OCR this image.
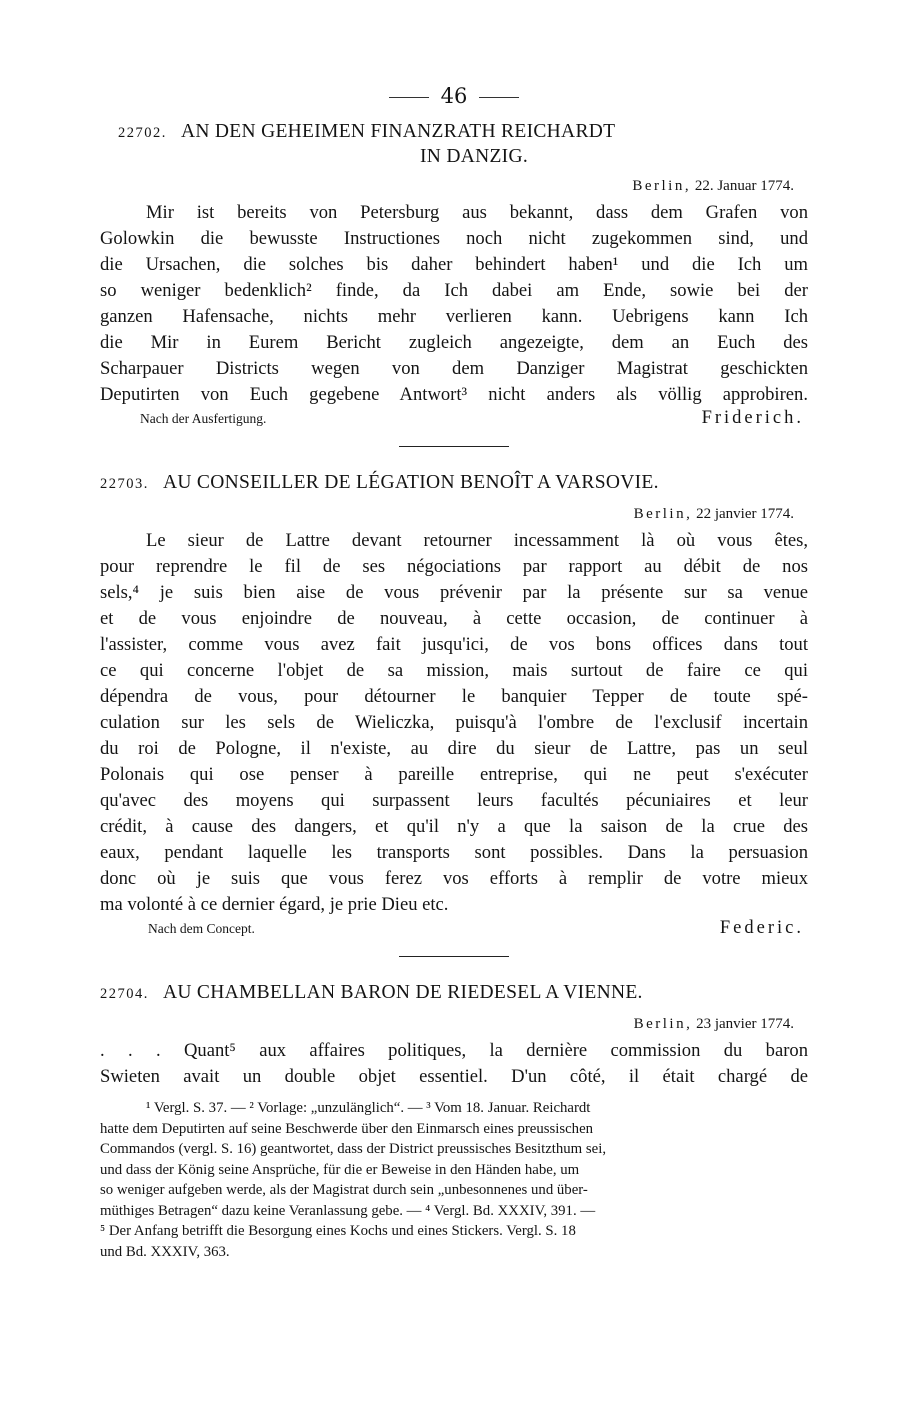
46
22702. AN DEN GEHEIMEN FINANZRATH REICHARDT
IN DANZIG.
Berlin, 22. Januar 1774.
Mir ist bereits von Petersburg aus bekannt, dass dem Grafen von
Golowkin die bewusste Instructiones noch nicht zugekommen sind, und
die Ursachen, die solches bis daher behindert haben¹ und die Ich um
so weniger bedenklich² finde, da Ich dabei am Ende, sowie bei der
ganzen Hafensache, nichts mehr verlieren kann. Uebrigens kann Ich
die Mir in Eurem Bericht zugleich angezeigte, dem an Euch des
Scharpauer Districts wegen von dem Danziger Magistrat geschickten
Deputirten von Euch gegebene Antwort³ nicht anders als völlig approbiren.
Nach der Ausfertigung.	Friderich.
22703. AU CONSEILLER DE LÉGATION BENOÎT A VARSOVIE.
Berlin, 22 janvier 1774.
Le sieur de Lattre devant retourner incessamment là où vous êtes,
pour reprendre le fil de ses négociations par rapport au débit de nos
sels,⁴ je suis bien aise de vous prévenir par la présente sur sa venue
et de vous enjoindre de nouveau, à cette occasion, de continuer à
l'assister, comme vous avez fait jusqu'ici, de vos bons offices dans tout
ce qui concerne l'objet de sa mission, mais surtout de faire ce qui
dépendra de vous, pour détourner le banquier Tepper de toute spé-
culation sur les sels de Wieliczka, puisqu'à l'ombre de l'exclusif incertain
du roi de Pologne, il n'existe, au dire du sieur de Lattre, pas un seul
Polonais qui ose penser à pareille entreprise, qui ne peut s'exécuter
qu'avec des moyens qui surpassent leurs facultés pécuniaires et leur
crédit, à cause des dangers, et qu'il n'y a que la saison de la crue des
eaux, pendant laquelle les transports sont possibles. Dans la persuasion
donc où je suis que vous ferez vos efforts à remplir de votre mieux
ma volonté à ce dernier égard, je prie Dieu etc.
Nach dem Concept.	Federic.
22704. AU CHAMBELLAN BARON DE RIEDESEL A VIENNE.
Berlin, 23 janvier 1774.
. . . Quant⁵ aux affaires politiques, la dernière commission du baron
Swieten avait un double objet essentiel. D'un côté, il était chargé de
¹ Vergl. S. 37. — ² Vorlage: „unzulänglich“. — ³ Vom 18. Januar. Reichardt
hatte dem Deputirten auf seine Beschwerde über den Einmarsch eines preussischen
Commandos (vergl. S. 16) geantwortet, dass der District preussisches Besitzthum sei,
und dass der König seine Ansprüche, für die er Beweise in den Händen habe, um
so weniger aufgeben werde, als der Magistrat durch sein „unbesonnenes und über-
müthiges Betragen“ dazu keine Veranlassung gebe. — ⁴ Vergl. Bd. XXXIV, 391. —
⁵ Der Anfang betrifft die Besorgung eines Kochs und eines Stickers. Vergl. S. 18
und Bd. XXXIV, 363.
